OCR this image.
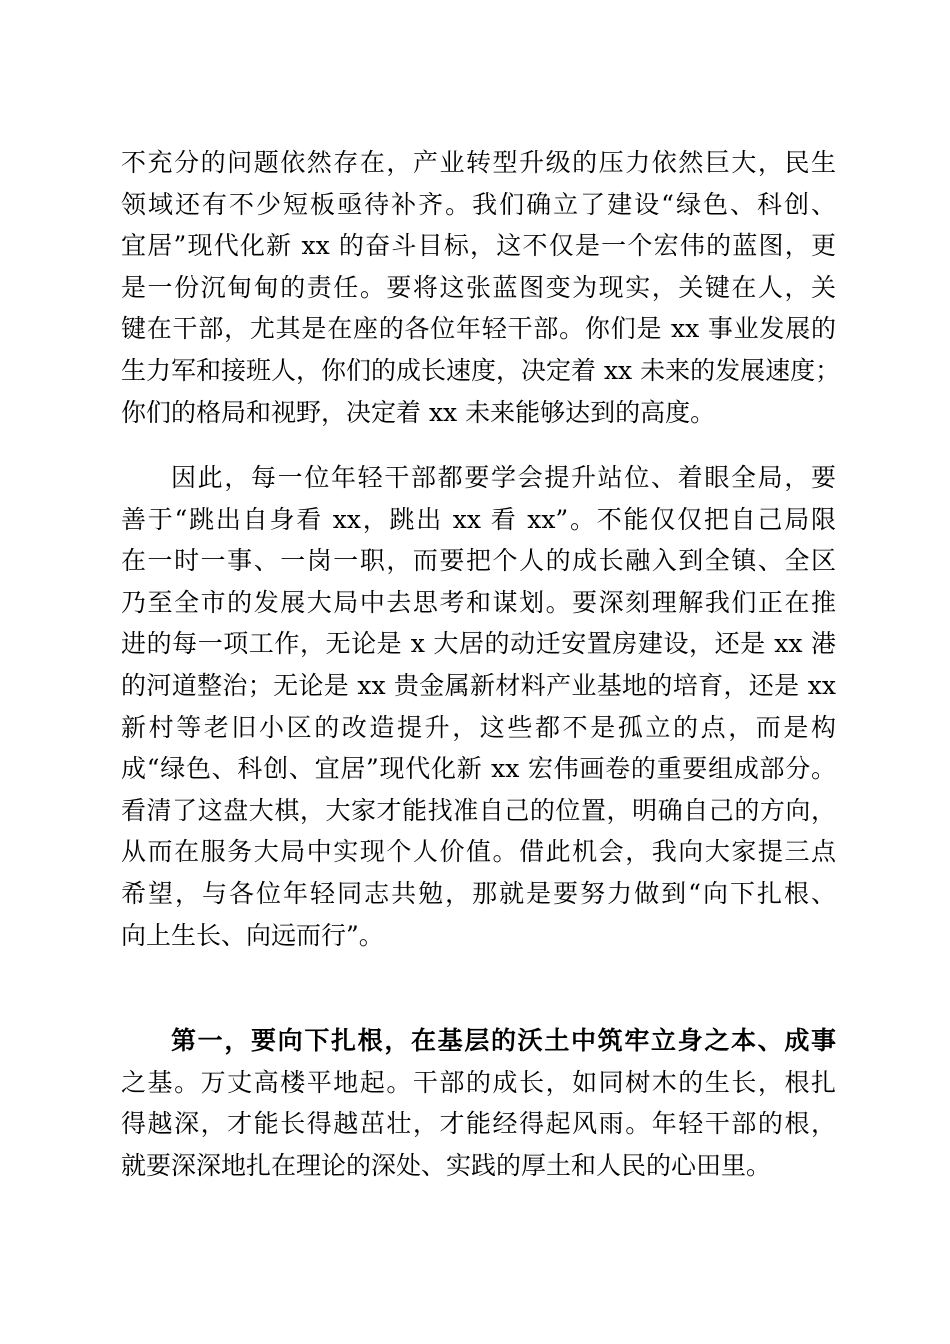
不充分的问题依然存在，产业转型升级的压力依然巨大，民生
领域还有不少短板亟待补齐。我们确立了建设“绿色、科创、
宜居”现代化新 xx 的奋斗目标，这不仅是一个宏伟的蓝图，更
是一份沉甸甸的责任。要将这张蓝图变为现实，关键在人，关
键在干部，尤其是在座的各位年轻干部。你们是 xx 事业发展的
生力军和接班人，你们的成长速度，决定着 xx 未来的发展速度；
你们的格局和视野，决定着 xx 未来能够达到的高度。
因此，每一位年轻干部都要学会提升站位、着眼全局，要
善于“跳出自身看 xx，跳出 xx 看 xx”。不能仅仅把自己局限
在一时一事、一岗一职，而要把个人的成长融入到全镇、全区
乃至全市的发展大局中去思考和谋划。要深刻理解我们正在推
进的每一项工作，无论是 x 大居的动迁安置房建设，还是 xx 港
的河道整治；无论是 xx 贵金属新材料产业基地的培育，还是 xx
新村等老旧小区的改造提升，这些都不是孤立的点，而是构
成“绿色、科创、宜居”现代化新 xx 宏伟画卷的重要组成部分。
看清了这盘大棋，大家才能找准自己的位置，明确自己的方向，
从而在服务大局中实现个人价值。借此机会，我向大家提三点
希望，与各位年轻同志共勉，那就是要努力做到“向下扎根、
向上生长、向远而行”。
第一，要向下扎根，在基层的沃土中筑牢立身之本、成事
之基。万丈高楼平地起。干部的成长，如同树木的生长，根扎
得越深，才能长得越茁壮，才能经得起风雨。年轻干部的根，
就要深深地扎在理论的深处、实践的厚土和人民的心田里。
